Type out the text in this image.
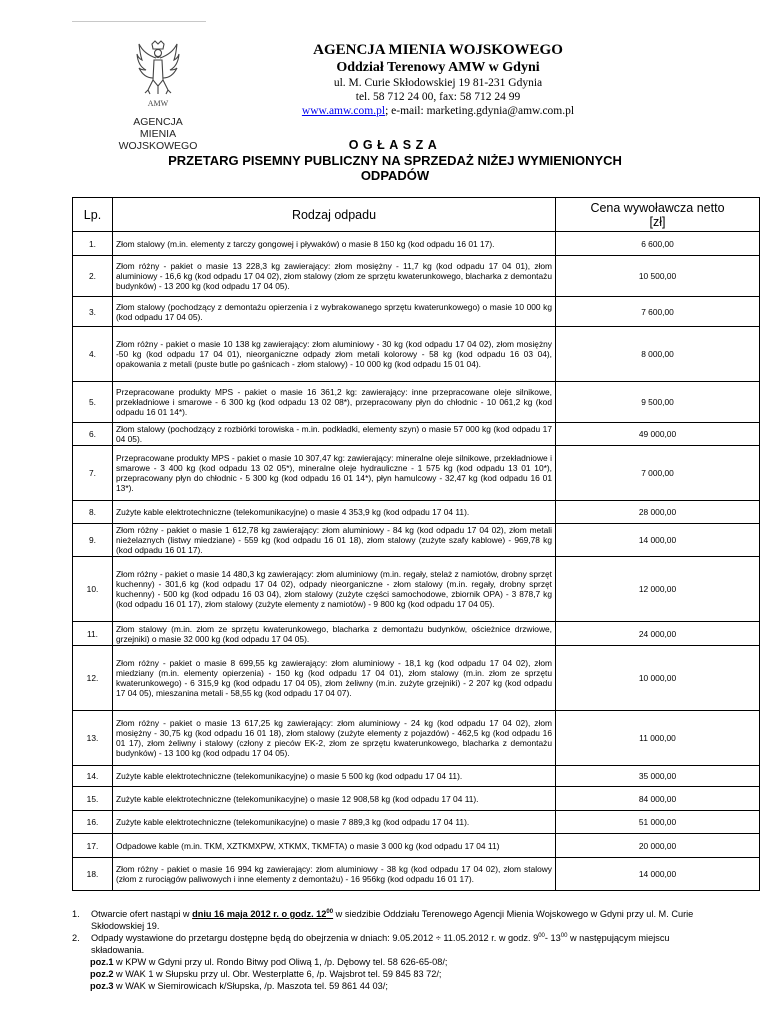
AMW
AGENCJA
MIENIA WOJSKOWEGO
AGENCJA MIENIA WOJSKOWEGO
Oddział Terenowy AMW w Gdyni
ul. M. Curie Skłodowskiej 19 81-231 Gdynia
tel. 58 712 24 00, fax: 58 712 24 99
www.amw.com.pl; e-mail: marketing.gdynia@amw.com.pl
OGŁASZA
PRZETARG PISEMNY PUBLICZNY NA SPRZEDAŻ NIŻEJ WYMIENIONYCH
ODPADÓW
Lp.	Rodzaj odpadu	Cena wywoławcza netto
[zł]

1.	Złom stalowy (m.in. elementy z tarczy gongowej i pływaków) o masie 8 150 kg (kod odpadu 16 01 17).	6 600,00
2.	Złom różny - pakiet o masie 13 228,3 kg zawierający: złom mosiężny - 11,7 kg (kod odpadu 17 04 01), złom aluminiowy - 16,6 kg (kod odpadu 17 04 02), złom stalowy (złom ze sprzętu kwaterunkowego, blacharka z demontażu budynków) - 13 200 kg (kod odpadu 17 04 05).	10 500,00
3.	Złom stalowy (pochodzący z demontażu opierzenia i z wybrakowanego sprzętu kwaterunkowego) o masie 10 000 kg (kod odpadu 17 04 05).	7 600,00
4.	Złom różny - pakiet o masie 10 138 kg zawierający: złom aluminiowy - 30 kg (kod odpadu 17 04 02), złom mosiężny -50 kg (kod odpadu 17 04 01), nieorganiczne odpady złom metali kolorowy - 58 kg (kod odpadu 16 03 04), opakowania z metali (puste butle po gaśnicach - złom stalowy) - 10 000 kg (kod odpadu 15 01 04).	8 000,00
5.	Przepracowane produkty MPS - pakiet o masie 16 361,2 kg: zawierający: inne przepracowane oleje silnikowe, przekładniowe i smarowe - 6 300 kg (kod odpadu 13 02 08*), przepracowany płyn do chłodnic - 10 061,2 kg (kod odpadu 16 01 14*).	9 500,00
6.	Złom stalowy (pochodzący z rozbiórki torowiska - m.in. podkładki, elementy szyn) o masie 57 000 kg (kod odpadu 17 04 05).	49 000,00
7.	Przepracowane produkty MPS - pakiet o masie 10 307,47 kg: zawierający: mineralne oleje silnikowe, przekładniowe i smarowe - 3 400 kg (kod odpadu 13 02 05*), mineralne oleje hydrauliczne - 1 575 kg (kod odpadu 13 01 10*), przepracowany płyn do chłodnic - 5 300 kg (kod odpadu 16 01 14*), płyn hamulcowy - 32,47 kg (kod odpadu 16 01 13*).	7 000,00
8.	Zużyte kable elektrotechniczne (telekomunikacyjne) o masie 4 353,9 kg (kod odpadu 17 04 11).	28 000,00
9.	Złom różny - pakiet o masie 1 612,78 kg zawierający: złom aluminiowy - 84 kg (kod odpadu 17 04 02), złom metali nieżelaznych (listwy miedziane) - 559 kg (kod odpadu 16 01 18), złom stalowy (zużyte szafy kablowe) - 969,78 kg (kod odpadu 16 01 17).	14 000,00
10.	Złom różny - pakiet o masie 14 480,3 kg zawierający: złom aluminiowy (m.in. regały, stelaż z namiotów, drobny sprzęt kuchenny) - 301,6 kg (kod odpadu 17 04 02), odpady nieorganiczne - złom stalowy (m.in. regały, drobny sprzęt kuchenny) - 500 kg (kod odpadu 16 03 04), złom stalowy (zużyte części samochodowe, zbiornik OPA) - 3 878,7 kg (kod odpadu 16 01 17), złom stalowy (zużyte elementy z namiotów) - 9 800 kg (kod odpadu 17 04 05).	12 000,00
11.	Złom stalowy (m.in. złom ze sprzętu kwaterunkowego, blacharka z demontażu budynków, ościeżnice drzwiowe, grzejniki) o masie 32 000 kg (kod odpadu 17 04 05).	24 000,00
12.	Złom różny - pakiet o masie 8 699,55 kg zawierający: złom aluminiowy - 18,1 kg (kod odpadu 17 04 02), złom miedziany (m.in. elementy opierzenia) - 150 kg (kod odpadu 17 04 01), złom stalowy (m.in. złom ze sprzętu kwaterunkowego) - 6 315,9 kg (kod odpadu 17 04 05), złom żeliwny (m.in. zużyte grzejniki) - 2 207 kg (kod odpadu 17 04 05), mieszanina metali - 58,55 kg (kod odpadu 17 04 07).	10 000,00
13.	Złom różny - pakiet o masie 13 617,25 kg zawierający: złom aluminiowy - 24 kg (kod odpadu 17 04 02), złom mosiężny - 30,75 kg (kod odpadu 16 01 18), złom stalowy (zużyte elementy z pojazdów) - 462,5 kg (kod odpadu 16 01 17), złom żeliwny i stalowy (człony z pieców EK-2, złom ze sprzętu kwaterunkowego, blacharka z demontażu budynków) - 13 100 kg (kod odpadu 17 04 05).	11 000,00
14.	Zużyte kable elektrotechniczne (telekomunikacyjne) o masie 5 500 kg (kod odpadu 17 04 11).	35 000,00
15.	Zużyte kable elektrotechniczne (telekomunikacyjne) o masie 12 908,58 kg (kod odpadu 17 04 11).	84 000,00
16.	Zużyte kable elektrotechniczne (telekomunikacyjne) o masie 7 889,3 kg (kod odpadu 17 04 11).	51 000,00
17.	Odpadowe kable (m.in. TKM, XZTKMXPW, XTKMX, TKMFTA) o masie 3 000 kg (kod odpadu 17 04 11)	20 000,00
18.	Złom różny - pakiet o masie 16 994 kg zawierający: złom aluminiowy - 38 kg (kod odpadu 17 04 02), złom stalowy (złom z rurociągów paliwowych i inne elementy z demontażu) - 16 956kg (kod odpadu 16 01 17).	14 000,00
1. Otwarcie ofert nastąpi w dniu 16 maja 2012 r. o godz. $12^{00}$ w siedzibie Oddziału Terenowego Agencji Mienia Wojskowego w Gdyni przy ul. M. Curie Skłodowskiej 19.
2. Odpady wystawione do przetargu dostępne będą do obejrzenia w dniach: 9.05.2012 ÷ 11.05.2012 r. w godz. $9^{00}-$ $13^{00}$ w następującym miejscu składowania.
poz.1 w KPW w Gdyni przy ul. Rondo Bitwy pod Oliwą 1, /p. Dębowy tel. 58 626-65-08/;
poz.2 w WAK 1 w Słupsku przy ul. Obr. Westerplatte 6, /p. Wajsbrot tel. 59 845 83 72/;
poz.3 w WAK w Siemirowicach k/Słupska, /p. Maszota tel. 59 861 44 03/;
